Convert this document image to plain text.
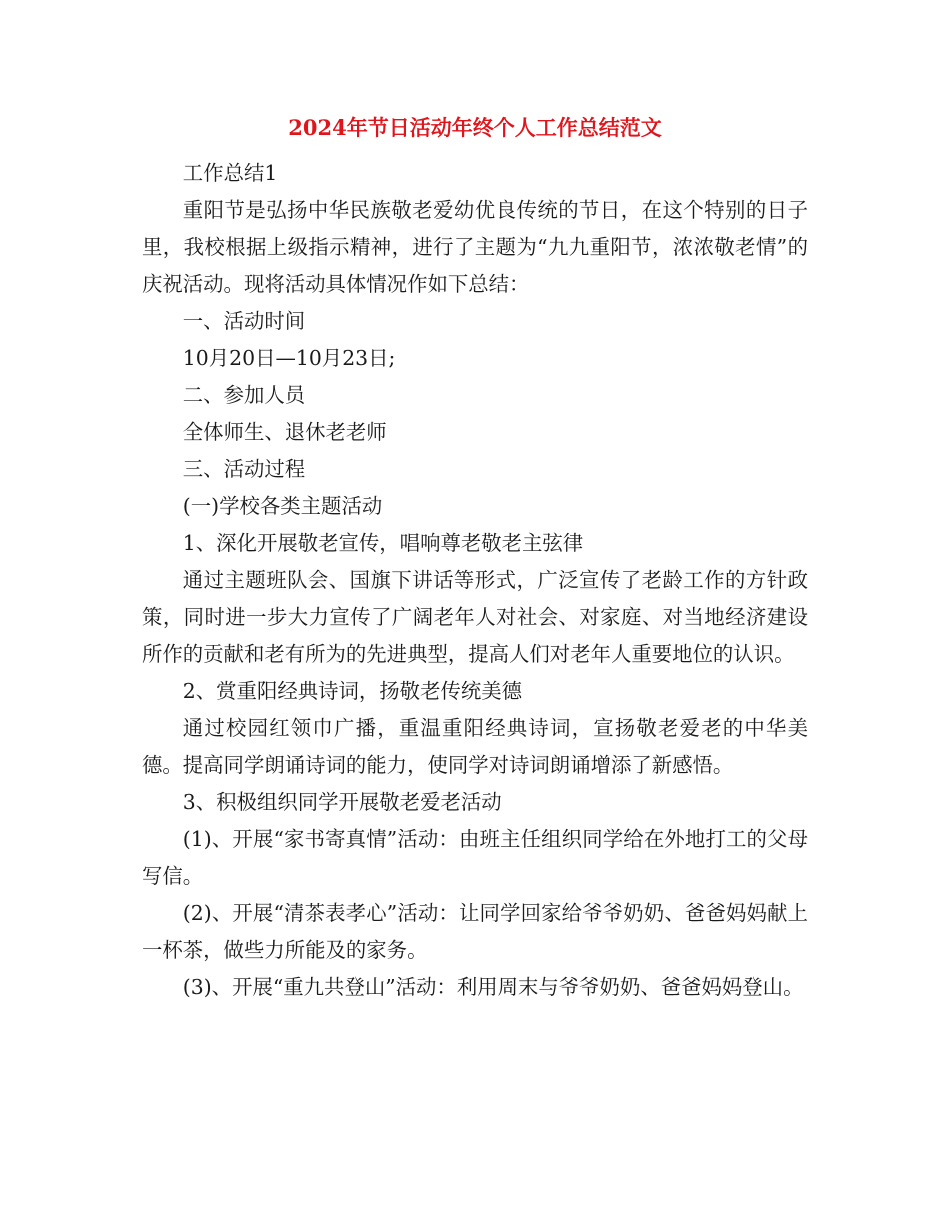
2024年节日活动年终个人工作总结范文

工作总结1

重阳节是弘扬中华民族敬老爱幼优良传统的节日，在这个特别的日子里，我校根据上级指示精神，进行了主题为“九九重阳节，浓浓敬老情”的庆祝活动。现将活动具体情况作如下总结：

一、活动时间

10月20日—10月23日;

二、参加人员

全体师生、退休老老师

三、活动过程

(一)学校各类主题活动

1、深化开展敬老宣传，唱响尊老敬老主弦律

通过主题班队会、国旗下讲话等形式，广泛宣传了老龄工作的方针政策，同时进一步大力宣传了广阔老年人对社会、对家庭、对当地经济建设所作的贡献和老有所为的先进典型，提高人们对老年人重要地位的认识。

2、赏重阳经典诗词，扬敬老传统美德

通过校园红领巾广播，重温重阳经典诗词，宣扬敬老爱老的中华美德。提高同学朗诵诗词的能力，使同学对诗词朗诵增添了新感悟。

3、积极组织同学开展敬老爱老活动

(1)、开展“家书寄真情”活动：由班主任组织同学给在外地打工的父母写信。

(2)、开展“清茶表孝心”活动：让同学回家给爷爷奶奶、爸爸妈妈献上一杯茶，做些力所能及的家务。

(3)、开展“重九共登山”活动：利用周末与爷爷奶奶、爸爸妈妈登山。
